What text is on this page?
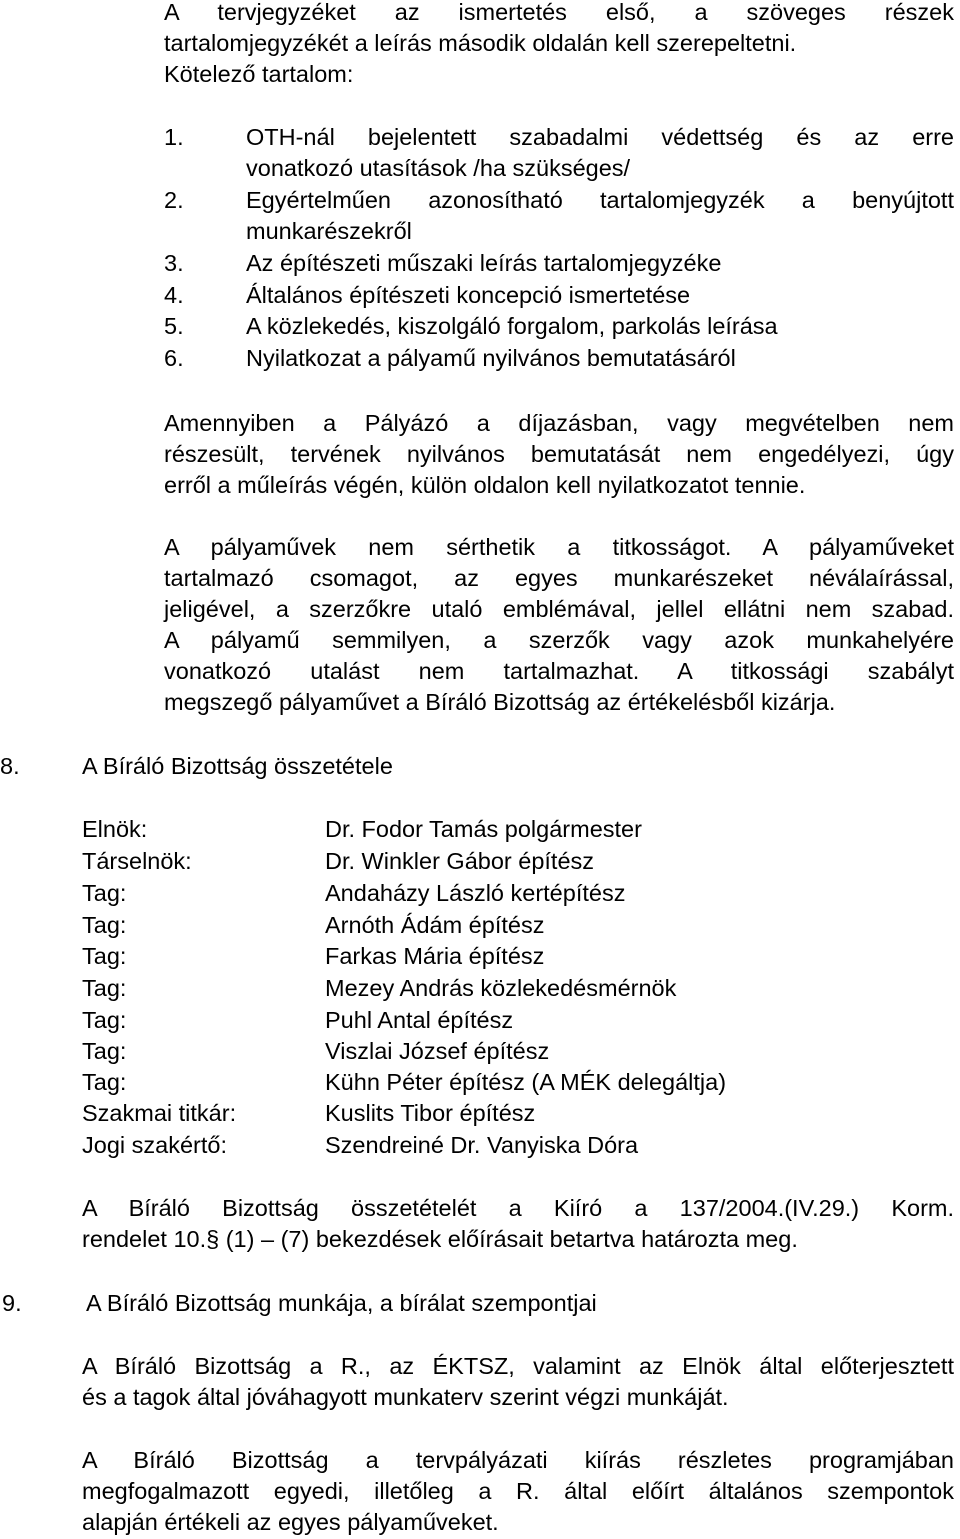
A tervjegyzéket az ismertetés első, a szöveges részek
tartalomjegyzékét a leírás második oldalán kell szerepeltetni.
Kötelező tartalom:
1.	OTH-nál bejelentett szabadalmi védettség és az erre
vonatkozó utasítások /ha szükséges/
2.	Egyértelműen azonosítható tartalomjegyzék a benyújtott
munkarészekről
3.	Az építészeti műszaki leírás tartalomjegyzéke
4.	Általános építészeti koncepció ismertetése
5.	A közlekedés, kiszolgáló forgalom, parkolás leírása
6.	Nyilatkozat a pályamű nyilvános bemutatásáról
Amennyiben a Pályázó a díjazásban, vagy megvételben nem
részesült, tervének nyilvános bemutatását nem engedélyezi, úgy
erről a műleírás végén, külön oldalon kell nyilatkozatot tennie.
A pályaművek nem sérthetik a titkosságot. A pályaműveket
tartalmazó csomagot, az egyes munkarészeket néválaírással,
jeligével, a szerzőkre utaló emblémával, jellel ellátni nem szabad.
A pályamű semmilyen, a szerzők vagy azok munkahelyére
vonatkozó utalást nem tartalmazhat. A titkossági szabályt
megszegő pályaművet a Bíráló Bizottság az értékelésből kizárja.
8.	A Bíráló Bizottság összetétele
Elnök:	Dr. Fodor Tamás polgármester
Társelnök:	Dr. Winkler Gábor építész
Tag:	Andaházy László kertépítész
Tag:	Arnóth Ádám építész
Tag:	Farkas Mária építész
Tag:	Mezey András közlekedésmérnök
Tag:	Puhl Antal építész
Tag:	Viszlai József építész
Tag:	Kühn Péter építész (A MÉK delegáltja)
Szakmai titkár:	Kuslits Tibor építész
Jogi szakértő:	Szendreiné Dr. Vanyiska Dóra
A Bíráló Bizottság összetételét a Kiíró a 137/2004.(IV.29.) Korm.
rendelet 10.§ (1) – (7) bekezdések előírásait betartva határozta meg.
9.	A Bíráló Bizottság munkája, a bírálat szempontjai
A Bíráló Bizottság a R., az ÉKTSZ, valamint az Elnök által előterjesztett
és a tagok által jóváhagyott munkaterv szerint végzi munkáját.
A Bíráló Bizottság a tervpályázati kiírás részletes programjában
megfogalmazott egyedi, illetőleg a R. által előírt általános szempontok
alapján értékeli az egyes pályaműveket.
